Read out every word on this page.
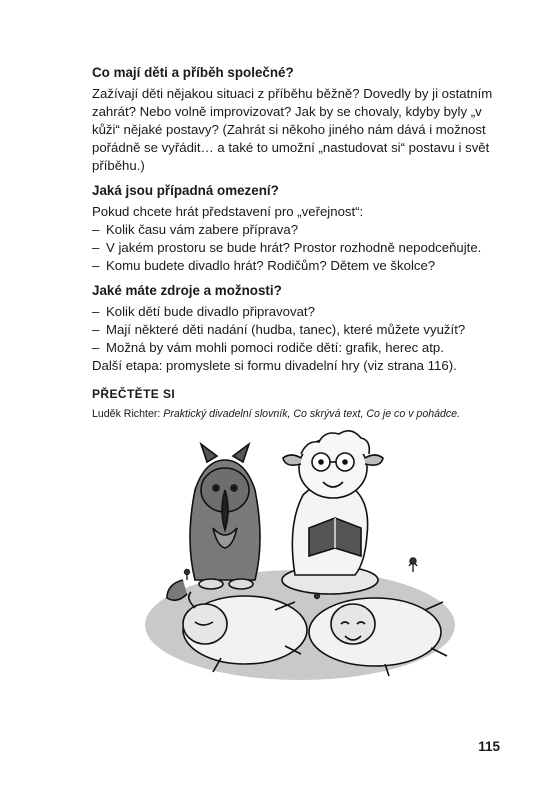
Co mají děti a příběh společné?

Zažívají děti nějakou situaci z příběhu běžně? Dovedly by ji ostatním zahrát? Nebo volně improvizovat? Jak by se chovaly, kdyby byly „v kůži“ nějaké postavy? (Zahrát si někoho jiného nám dává i možnost pořádně se vyřádit… a také to umožní „nastudovat si“ postavu i svět příběhu.)

Jaká jsou případná omezení?

Pokud chcete hrát představení pro „veřejnost“:

– Kolik času vám zabere příprava?
– V jakém prostoru se bude hrát? Prostor rozhodně nepodceňujte.
– Komu budete divadlo hrát? Rodičům? Dětem ve školce?
Jaké máte zdroje a možnosti?
– Kolik dětí bude divadlo připravovat?
– Mají některé děti nadání (hudba, tanec), které můžete využít?
– Možná by vám mohli pomoci rodiče dětí: grafik, herec atp.

Další etapa: promyslete si formu divadelní hry (viz strana 116).

PŘEČTĚTE SI
Luděk Richter: Praktický divadelní slovník, Co skrývá text, Co je co v pohádce.
115
